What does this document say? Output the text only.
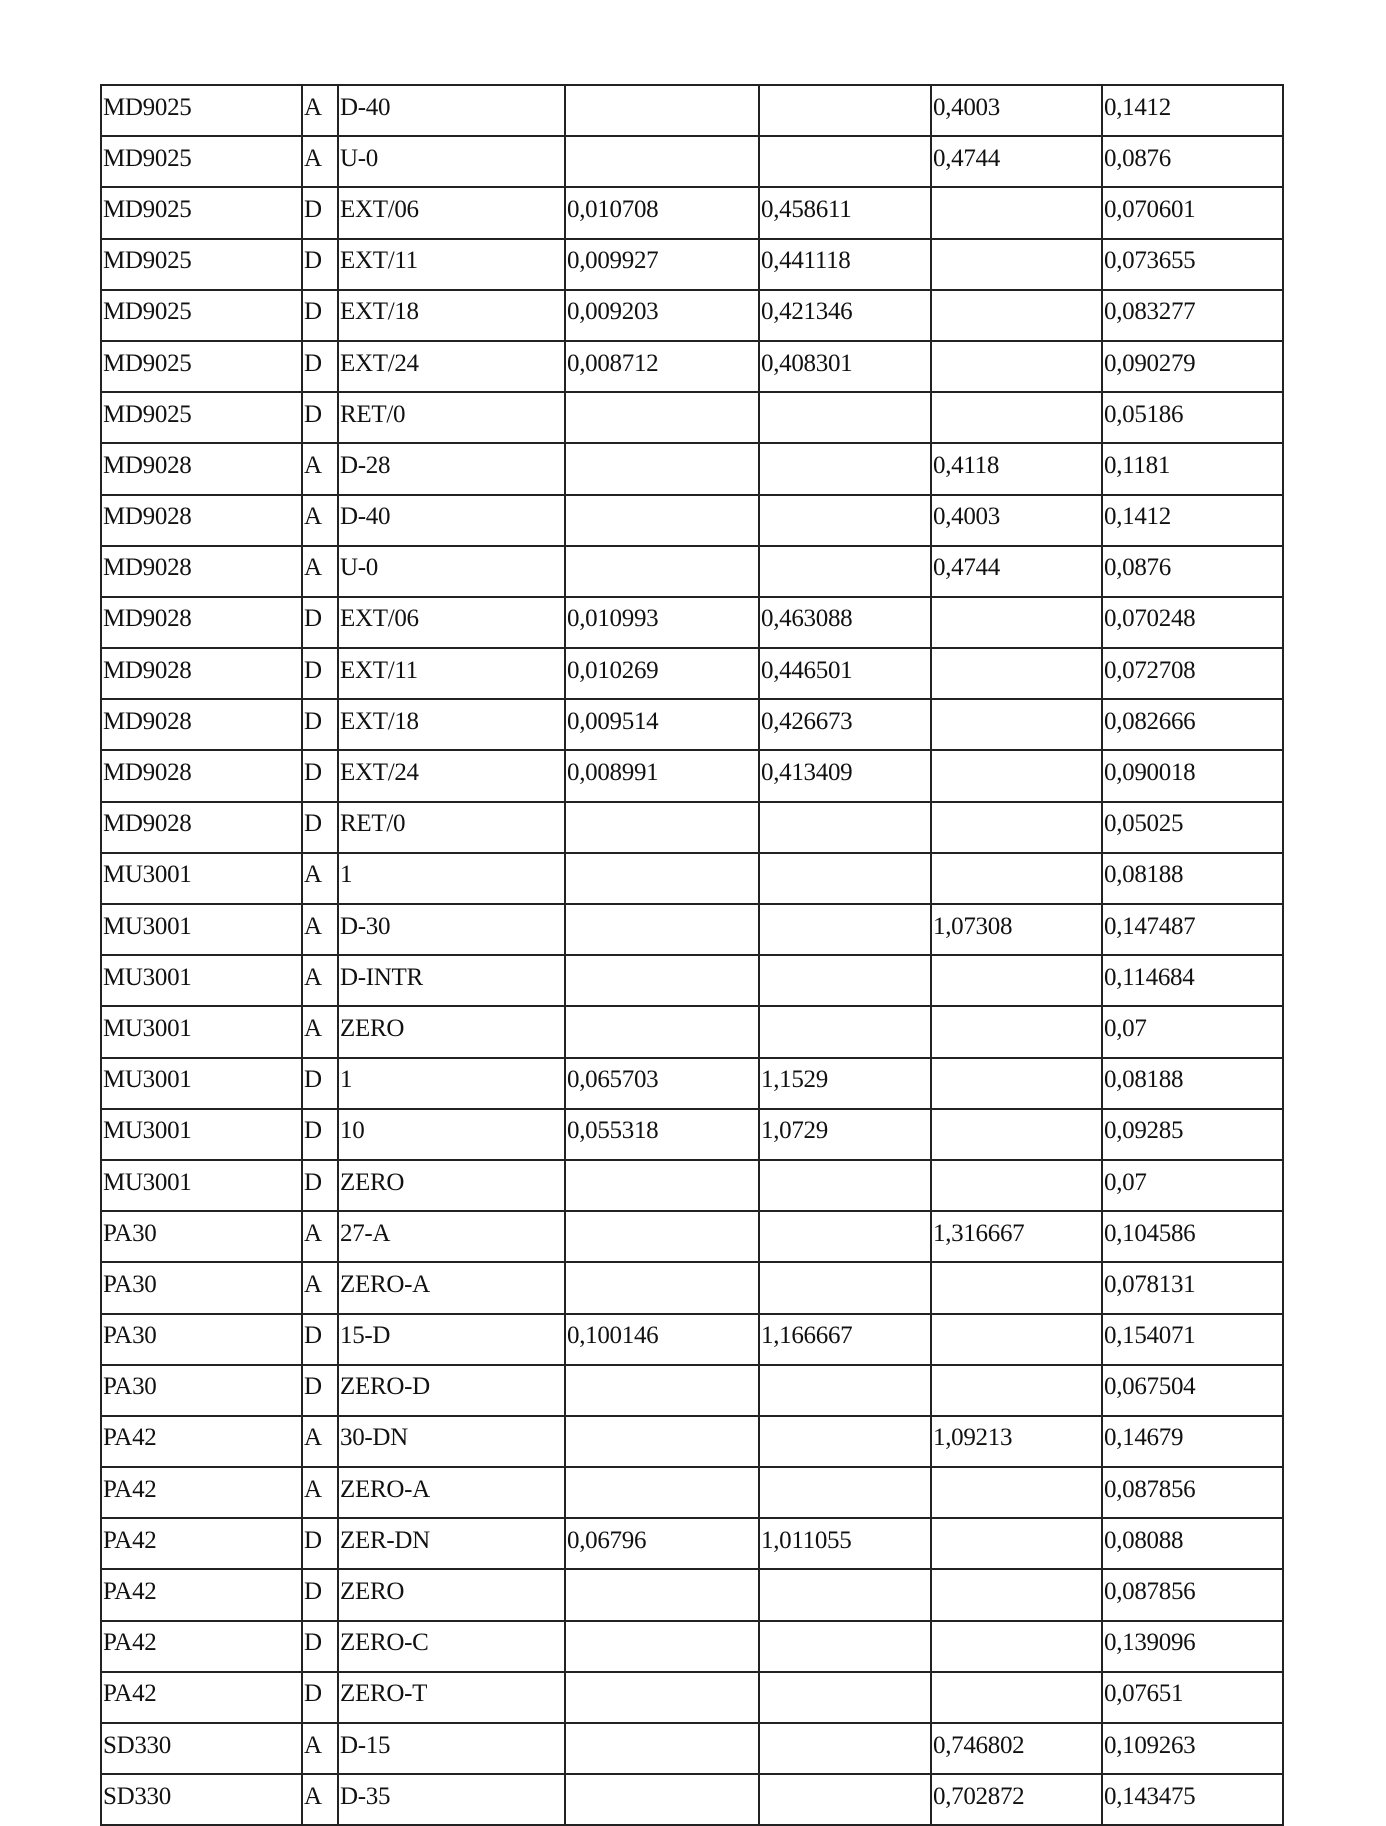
MD9025	A	D-40			0,4003	0,1412
MD9025	A	U-0			0,4744	0,0876
MD9025	D	EXT/06	0,010708	0,458611		0,070601
MD9025	D	EXT/11	0,009927	0,441118		0,073655
MD9025	D	EXT/18	0,009203	0,421346		0,083277
MD9025	D	EXT/24	0,008712	0,408301		0,090279
MD9025	D	RET/0				0,05186
MD9028	A	D-28			0,4118	0,1181
MD9028	A	D-40			0,4003	0,1412
MD9028	A	U-0			0,4744	0,0876
MD9028	D	EXT/06	0,010993	0,463088		0,070248
MD9028	D	EXT/11	0,010269	0,446501		0,072708
MD9028	D	EXT/18	0,009514	0,426673		0,082666
MD9028	D	EXT/24	0,008991	0,413409		0,090018
MD9028	D	RET/0				0,05025
MU3001	A	1				0,08188
MU3001	A	D-30			1,07308	0,147487
MU3001	A	D-INTR				0,114684
MU3001	A	ZERO				0,07
MU3001	D	1	0,065703	1,1529		0,08188
MU3001	D	10	0,055318	1,0729		0,09285
MU3001	D	ZERO				0,07
PA30	A	27-A			1,316667	0,104586
PA30	A	ZERO-A				0,078131
PA30	D	15-D	0,100146	1,166667		0,154071
PA30	D	ZERO-D				0,067504
PA42	A	30-DN			1,09213	0,14679
PA42	A	ZERO-A				0,087856
PA42	D	ZER-DN	0,06796	1,011055		0,08088
PA42	D	ZERO				0,087856
PA42	D	ZERO-C				0,139096
PA42	D	ZERO-T				0,07651
SD330	A	D-15			0,746802	0,109263
SD330	A	D-35			0,702872	0,143475
